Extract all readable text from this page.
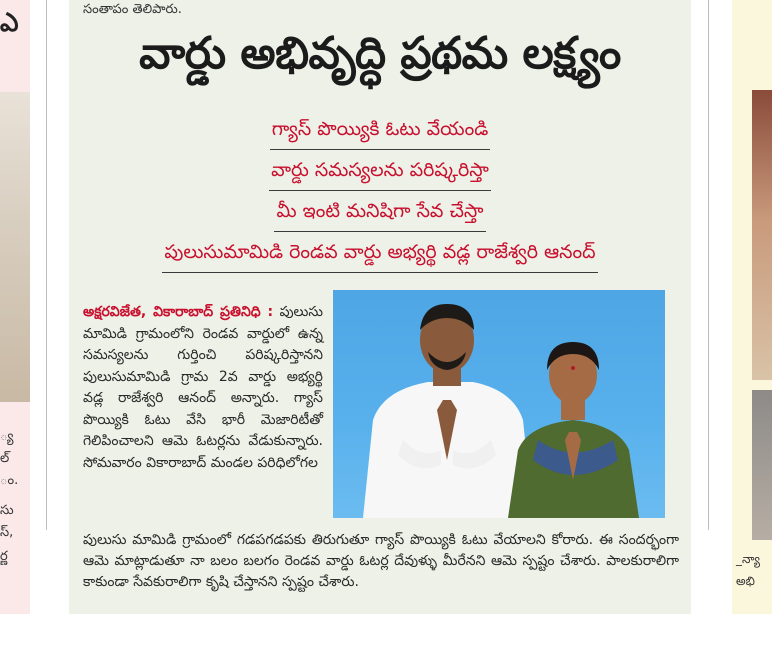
ఎ
్య
ల్
ం.
సు
స్,
ర్ణ
సంతాపం తెలిపారు.
వార్డు అభివృద్ధి ప్రథమ లక్ష్యం
గ్యాస్ పొయ్యికి ఓటు వేయండి
వార్డు సమస్యలను పరిష్కరిస్తా
మీ ఇంటి మనిషిగా సేవ చేస్తా
పులుసుమామిడి రెండవ వార్డు అభ్యర్థి వడ్ల రాజేశ్వరి ఆనంద్

అక్షరవిజేత, వికారాబాద్ ప్రతినిధి : పులుసు మామిడి గ్రామంలోని రెండవ వార్డులో ఉన్న సమస్యలను గుర్తించి పరిష్కరిస్తానని పులుసుమామిడి గ్రామ 2వ వార్డు అభ్యర్థి వడ్ల రాజేశ్వరి ఆనంద్ అన్నారు. గ్యాస్ పొయ్యికి ఓటు వేసి భారీ మెజారిటీతో గెలిపించాలని ఆమె ఓటర్లను వేడుకున్నారు. సోమవారం వికారాబాద్ మండల పరిధిలోగల

పులుసు మామిడి గ్రామంలో గడపగడపకు తిరుగుతూ గ్యాస్ పొయ్యికి ఓటు వేయాలని కోరారు. ఈ సందర్భంగా ఆమె మాట్లాడుతూ నా బలం బలగం రెండవ వార్డు ఓటర్ల దేవుళ్ళు మీరేనని ఆమె స్పష్టం చేశారు. పాలకురాలిగా కాకుండా సేవకురాలిగా కృషి చేస్తానని స్పష్టం చేశారు.

_న్యా
అభి
